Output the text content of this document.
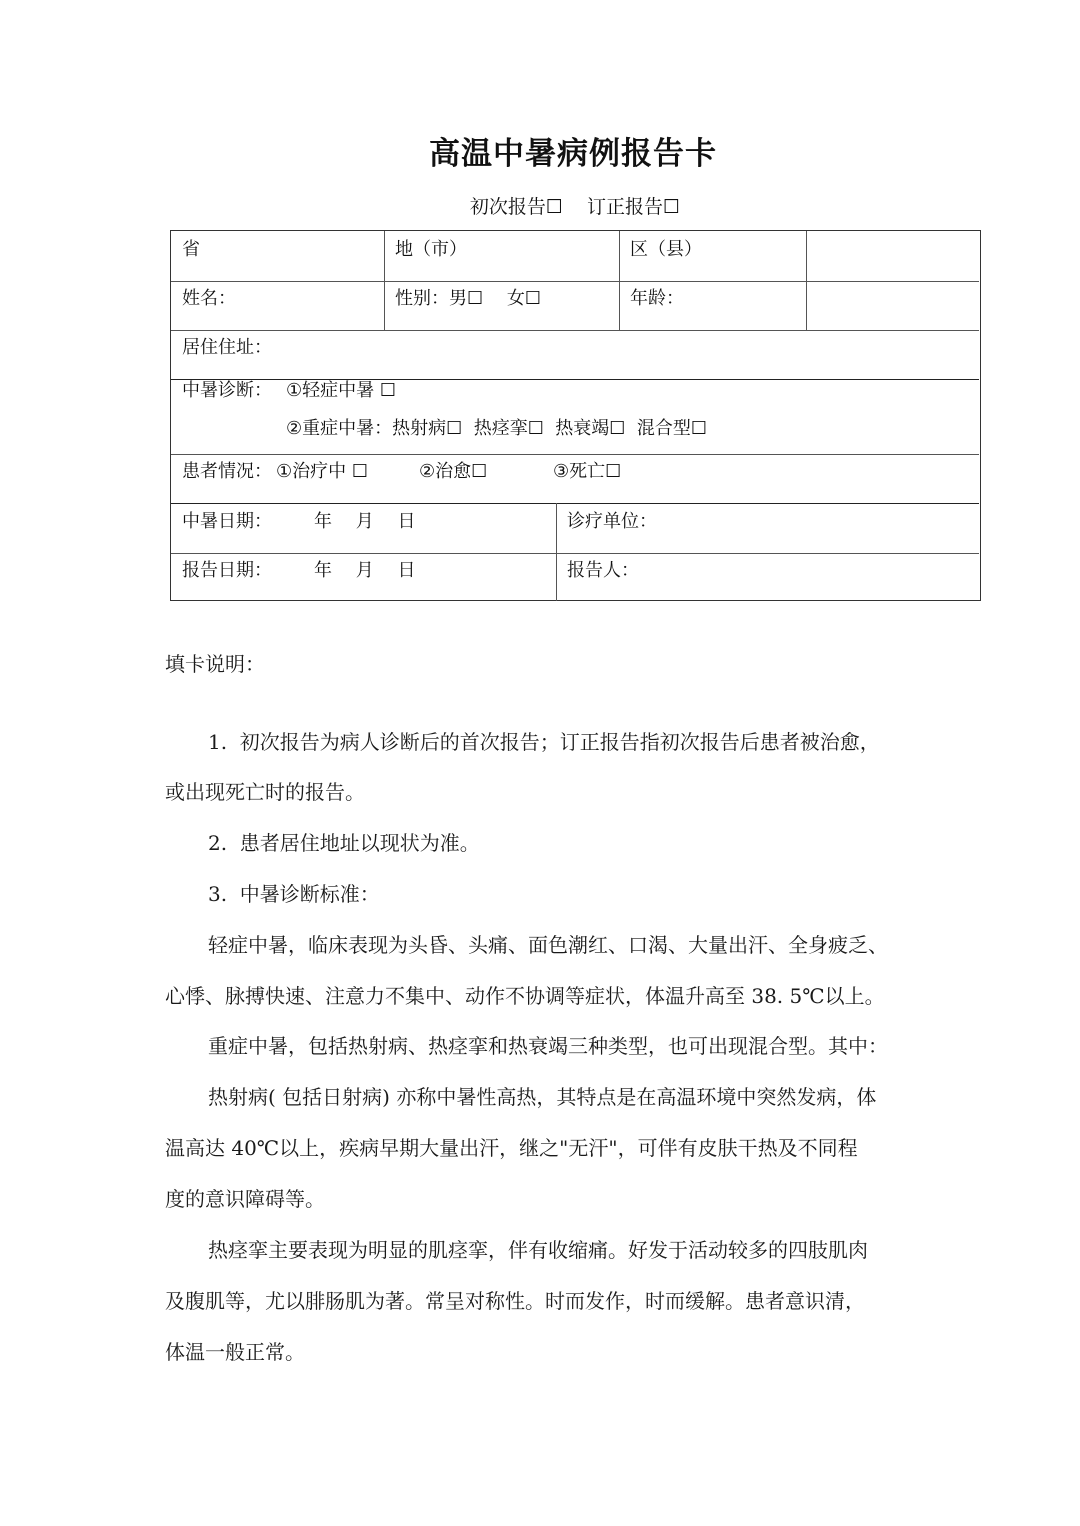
高温中暑病例报告卡
初次报告☐ 订正报告☐
省	地（市）	区（县）
姓名：	性别：男☐　 女☐	年龄：
居住住址：
中暑诊断： ①轻症中暑 ☐
②重症中暑：热射病☐  热痉挛☐  热衰竭☐  混合型☐
患者情况： ①治疗中 ☐	②治愈☐	③死亡☐
中暑日期： 年　 月　 日	诊疗单位：
报告日期： 年　 月　 日	报告人：
填卡说明：
1.  初次报告为病人诊断后的首次报告；订正报告指初次报告后患者被治愈，
或出现死亡时的报告。
2.  患者居住地址以现状为准。
3.  中暑诊断标准：
轻症中暑，临床表现为头昏、头痛、面色潮红、口渴、大量出汗、全身疲乏、
心悸、脉搏快速、注意力不集中、动作不协调等症状，体温升高至 38. 5℃以上。
重症中暑，包括热射病、热痉挛和热衰竭三种类型，也可出现混合型。其中：
热射病( 包括日射病) 亦称中暑性高热，其特点是在高温环境中突然发病，体
温高达 40℃以上，疾病早期大量出汗，继之"无汗"，可伴有皮肤干热及不同程
度的意识障碍等。
热痉挛主要表现为明显的肌痉挛，伴有收缩痛。好发于活动较多的四肢肌肉
及腹肌等，尤以腓肠肌为著。常呈对称性。时而发作，时而缓解。患者意识清，
体温一般正常。
